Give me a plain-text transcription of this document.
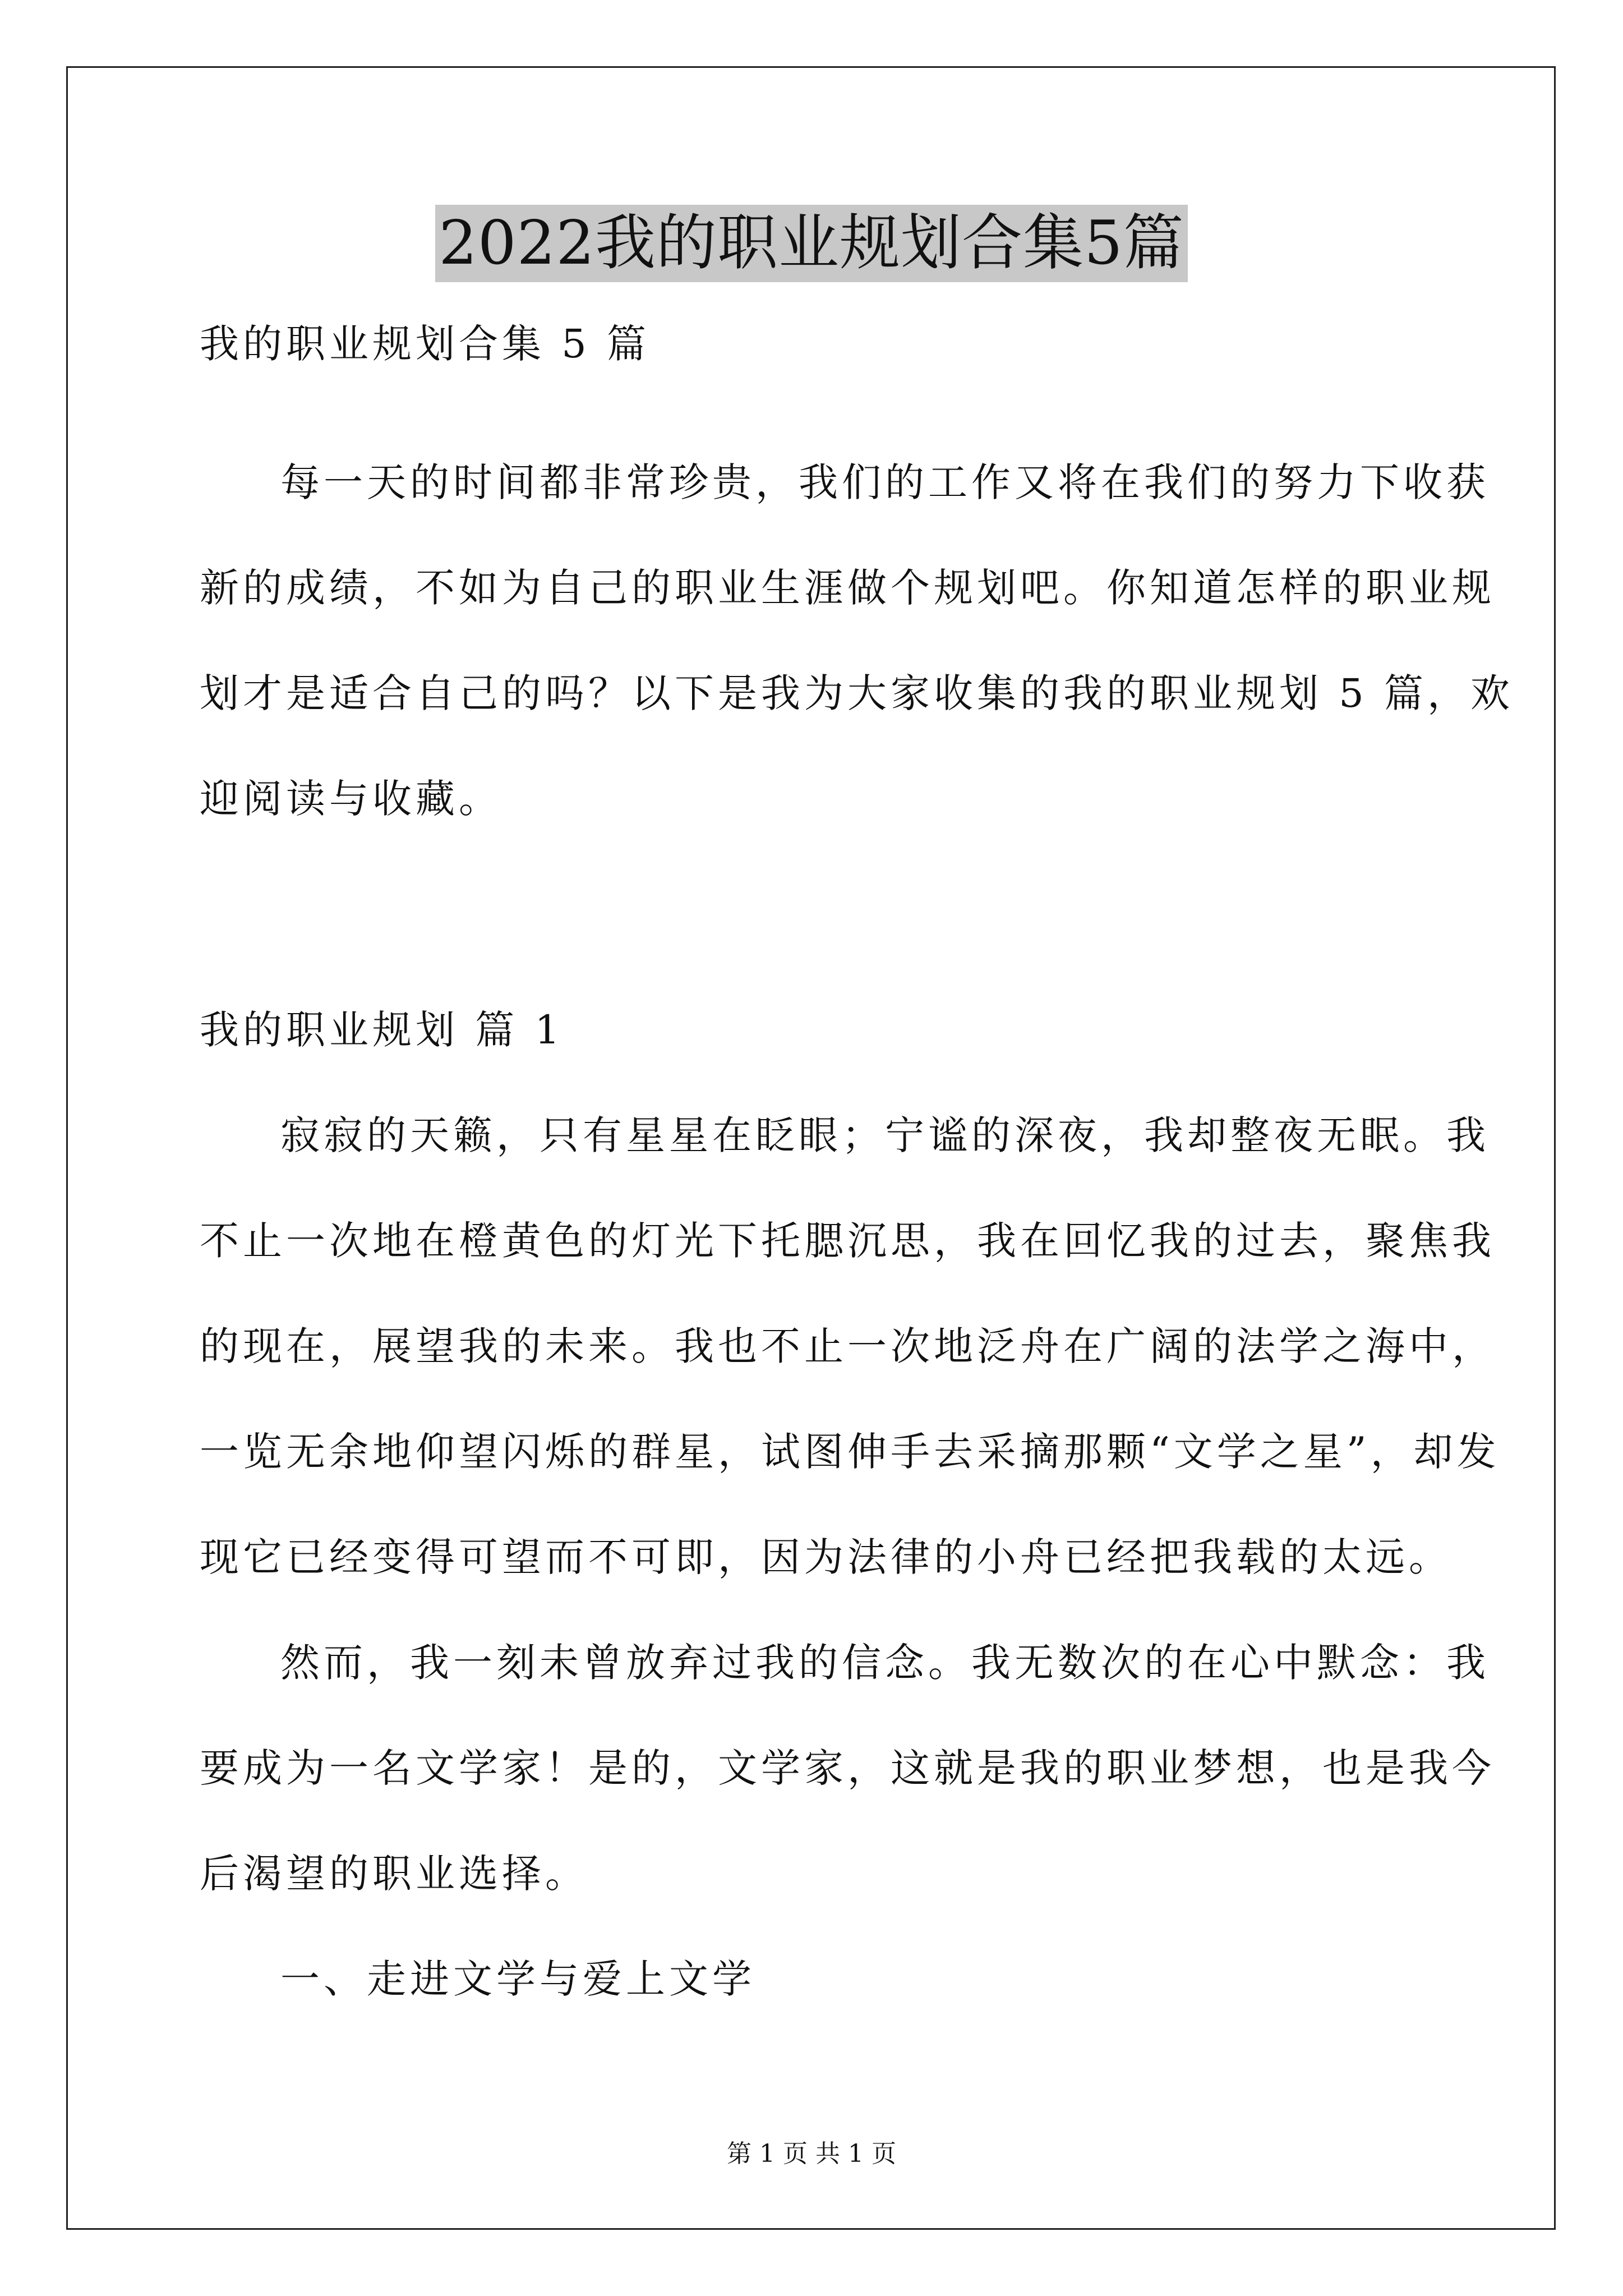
2022我的职业规划合集5篇
我的职业规划合集 5 篇
每一天的时间都非常珍贵，我们的工作又将在我们的努力下收获
新的成绩，不如为自己的职业生涯做个规划吧。你知道怎样的职业规
划才是适合自己的吗？以下是我为大家收集的我的职业规划 5 篇，欢
迎阅读与收藏。
我的职业规划 篇 1
寂寂的天籁，只有星星在眨眼；宁谧的深夜，我却整夜无眠。我
不止一次地在橙黄色的灯光下托腮沉思，我在回忆我的过去，聚焦我
的现在，展望我的未来。我也不止一次地泛舟在广阔的法学之海中，
一览无余地仰望闪烁的群星，试图伸手去采摘那颗“文学之星”，却发
现它已经变得可望而不可即，因为法律的小舟已经把我载的太远。
然而，我一刻未曾放弃过我的信念。我无数次的在心中默念：我
要成为一名文学家！是的，文学家，这就是我的职业梦想，也是我今
后渴望的职业选择。
一、走进文学与爱上文学
第 1 页 共 1 页
